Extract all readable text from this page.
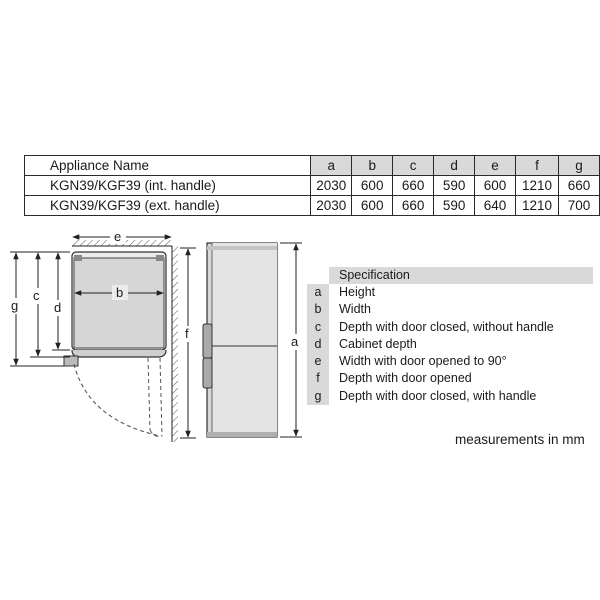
Appliance Name	a	b	c	d	e	f	g
KGN39/KGF39 (int. handle)	2030	600	660	590	600	1210	660
KGN39/KGF39 (ext. handle)	2030	600	660	590	640	1210	700
e
b
g
c
d
f
a
Specification
a	Height
b	Width
c	Depth with door closed, without handle
d	Cabinet depth
e	Width with door opened to 90°
f	Depth with door opened
g	Depth with door closed, with handle
measurements in mm
